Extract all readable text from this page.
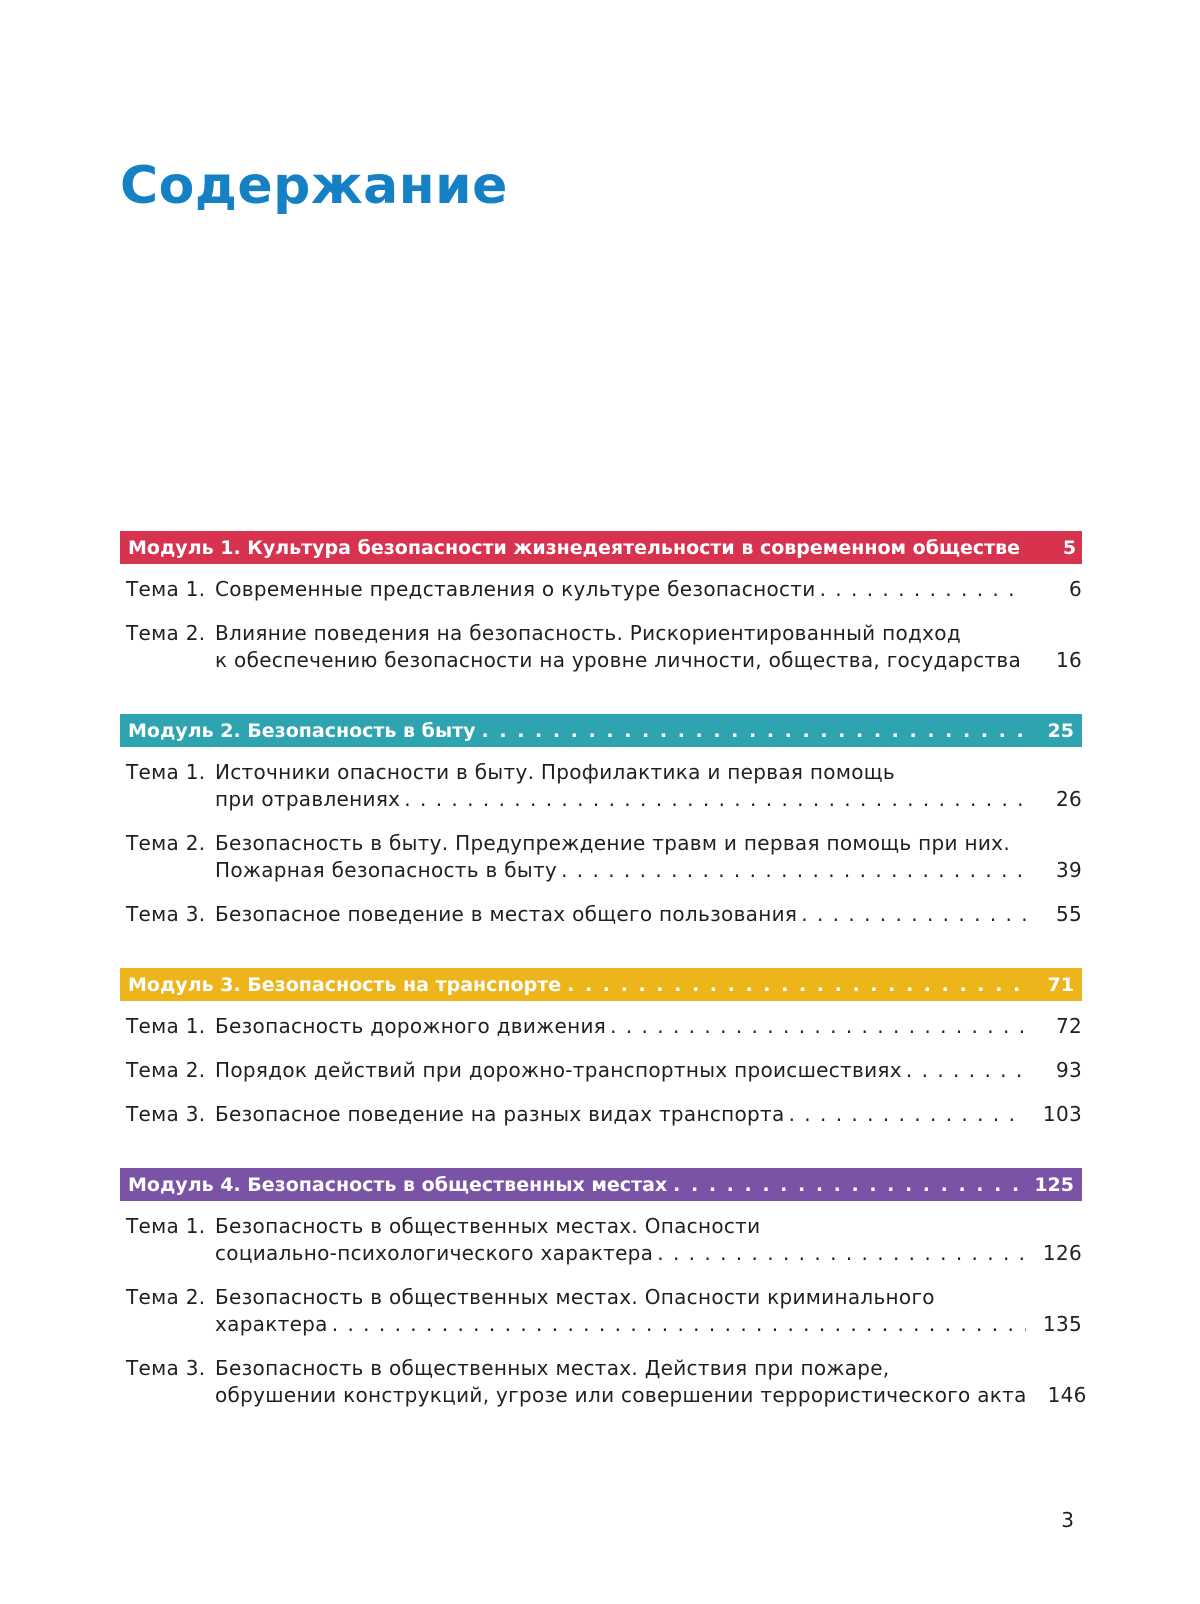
Содержание
Модуль 1. Культура безопасности жизнедеятельности в современном обществе	5
Тема 1. Современные представления о культуре безопасности . . .	6
Тема 2. Влияние поведения на безопасность. Рискориентированный подход
к обеспечению безопасности на уровне личности, общества, государства . . .	16
Модуль 2. Безопасность в быту . . .	25
Тема 1. Источники опасности в быту. Профилактика и первая помощь
при отравлениях . . .	26
Тема 2. Безопасность в быту. Предупреждение травм и первая помощь при них.
Пожарная безопасность в быту . . .	39
Тема 3. Безопасное поведение в местах общего пользования . . .	55
Модуль 3. Безопасность на транспорте . . .	71
Тема 1. Безопасность дорожного движения . . .	72
Тема 2. Порядок действий при дорожно-транспортных происшествиях . . .	93
Тема 3. Безопасное поведение на разных видах транспорта . . .	103
Модуль 4. Безопасность в общественных местах . . .	125
Тема 1. Безопасность в общественных местах. Опасности
социально-психологического характера . . .	126
Тема 2. Безопасность в общественных местах. Опасности криминального
характера . . .	135
Тема 3. Безопасность в общественных местах. Действия при пожаре,
обрушении конструкций, угрозе или совершении террористического акта	146
3
